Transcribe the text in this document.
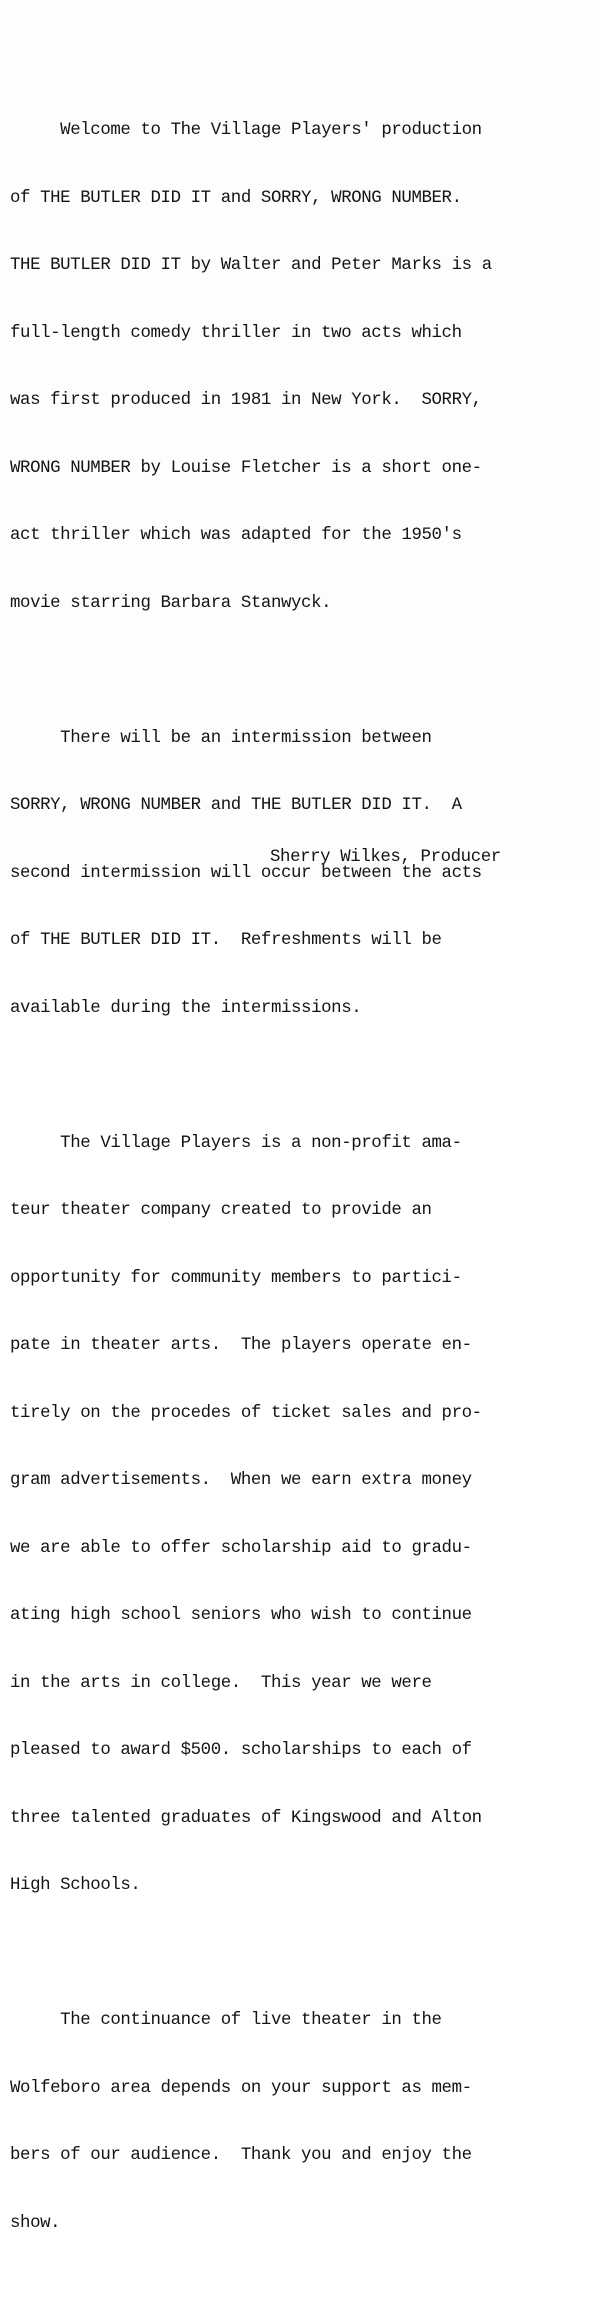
Welcome to The Village Players' production

of THE BUTLER DID IT and SORRY, WRONG NUMBER.

THE BUTLER DID IT by Walter and Peter Marks is a

full-length comedy thriller in two acts which

was first produced in 1981 in New York.  SORRY,

WRONG NUMBER by Louise Fletcher is a short one-

act thriller which was adapted for the 1950's

movie starring Barbara Stanwyck.

There will be an intermission between

SORRY, WRONG NUMBER and THE BUTLER DID IT.  A

second intermission will occur between the acts

of THE BUTLER DID IT.  Refreshments will be

available during the intermissions.

The Village Players is a non-profit ama-

teur theater company created to provide an

opportunity for community members to partici-

pate in theater arts.  The players operate en-

tirely on the procedes of ticket sales and pro-

gram advertisements.  When we earn extra money

we are able to offer scholarship aid to gradu-

ating high school seniors who wish to continue

in the arts in college.  This year we were

pleased to award $500. scholarships to each of

three talented graduates of Kingswood and Alton

High Schools.

The continuance of live theater in the

Wolfeboro area depends on your support as mem-

bers of our audience.  Thank you and enjoy the

show.

Sherry Wilkes, Producer
